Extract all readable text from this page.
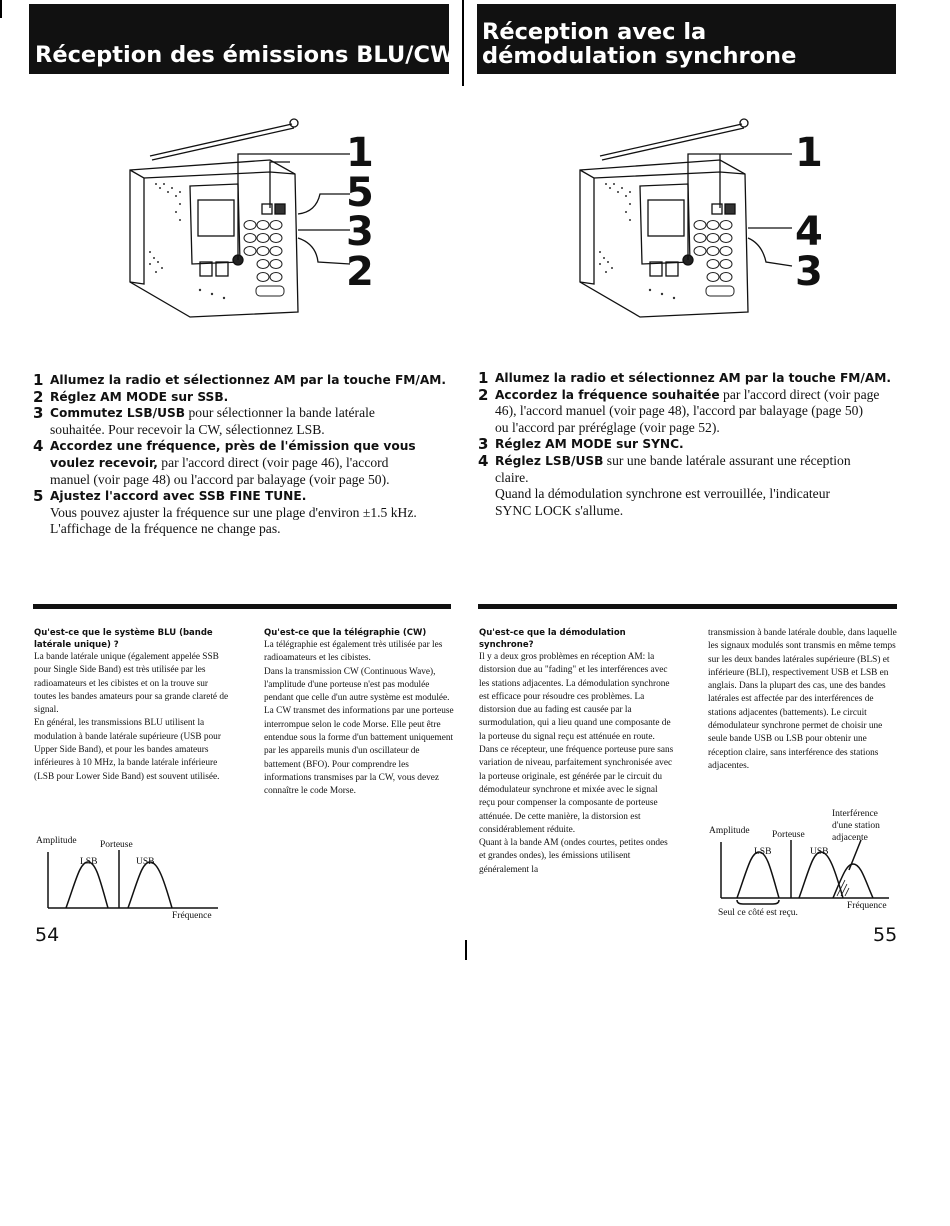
Réception des émissions BLU/CW
1
5
3
2
1 Allumez la radio et sélectionnez AM par la touche FM/AM.
2 Réglez AM MODE sur SSB.
3 Commutez LSB/USB pour sélectionner la bande latérale
souhaitée. Pour recevoir la CW, sélectionnez LSB.
4 Accordez une fréquence, près de l'émission que vous
voulez recevoir, par l'accord direct (voir page 46), l'accord
manuel (voir page 48) ou l'accord par balayage (voir page 50).
5 Ajustez l'accord avec SSB FINE TUNE.
Vous pouvez ajuster la fréquence sur une plage d'environ ±1.5 kHz.
L'affichage de la fréquence ne change pas.
Qu'est-ce que le système BLU (bande latérale unique) ?

La bande latérale unique (également appelée SSB pour Single Side Band) est très utilisée par les radioamateurs et les cibistes et on la trouve sur toutes les bandes amateurs pour sa grande clareté de signal.

En général, les transmissions BLU utilisent la modulation à bande latérale supérieure (USB pour Upper Side Band), et pour les bandes amateurs inférieures à 10 MHz, la bande latérale inférieure (LSB pour Lower Side Band) est souvent utilisée.

Qu'est-ce que la télégraphie (CW)

La télégraphie est également très utilisée par les radioamateurs et les cibistes.

Dans la transmission CW (Continuous Wave), l'amplitude d'une porteuse n'est pas modulée pendant que celle d'un autre système est modulée. La CW transmet des informations par une porteuse interrompue selon le code Morse. Elle peut être entendue sous la forme d'un battement uniquement par les appareils munis d'un oscillateur de battement (BFO). Pour comprendre les informations transmises par la CW, vous devez connaître le code Morse.

Amplitude Porteuse
LSB	USB
Fréquence
54
Réception avec la
démodulation synchrone
1
4
3
1 Allumez la radio et sélectionnez AM par la touche FM/AM.
2 Accordez la fréquence souhaitée par l'accord direct (voir page
46), l'accord manuel (voir page 48), l'accord par balayage (page 50)
ou l'accord par préréglage (voir page 52).
3 Réglez AM MODE sur SYNC.
4 Réglez LSB/USB sur une bande latérale assurant une réception
claire.
Quand la démodulation synchrone est verrouillée, l'indicateur
SYNC LOCK s'allume.
Qu'est-ce que la démodulation synchrone?

Il y a deux gros problèmes en réception AM: la distorsion due au "fading" et les interférences avec les stations adjacentes. La démodulation synchrone est efficace pour résoudre ces problèmes. La distorsion due au fading est causée par la surmodulation, qui a lieu quand une composante de la porteuse du signal reçu est atténuée en route. Dans ce récepteur, une fréquence porteuse pure sans variation de niveau, parfaitement synchronisée avec la porteuse originale, est générée par le circuit du démodulateur synchrone et mixée avec le signal reçu pour compenser la composante de porteuse atténuée. De cette manière, la distorsion est considérablement réduite.

Quant à la bande AM (ondes courtes, petites ondes et grandes ondes), les émissions utilisent généralement la

transmission à bande latérale double, dans laquelle les signaux modulés sont transmis en même temps sur les deux bandes latérales supérieure (BLS) et inférieure (BLI), respectivement USB et LSB en anglais. Dans la plupart des cas, une des bandes latérales est affectée par des interférences de stations adjacentes (battements). Le circuit démodulateur synchrone permet de choisir une seule bande USB ou LSB pour obtenir une réception claire, sans interférence des stations adjacentes.

Interférence
d'une station
adjacente
Amplitude Porteuse
LSB	USB
Fréquence
Seul ce côté est reçu.
55
